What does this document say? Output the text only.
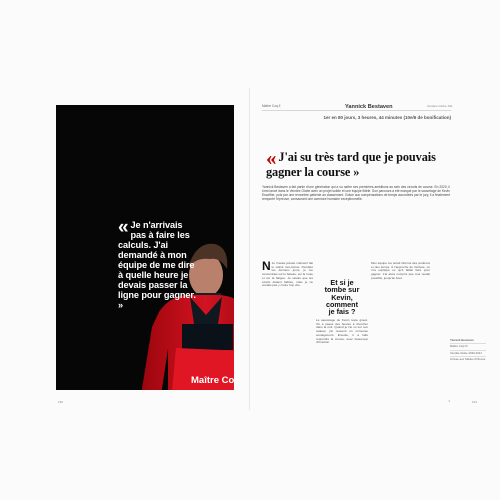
Maître CoQ
« Je n'arrivais pas à faire les calculs. J'ai demandé à mon équipe de me dire à quelle heure je devais passer la ligne pour gagner. »
190
Maître Coq II	Yannick Bestaven	Vendée Globe 191
1er en 80 jours, 3 heures, 44 minutes (10e/6 de bonification)
« J'ai su très tard que je pouvais gagner la course »
Yannick Bestaven a fait partie d'une génération qui a vu naître ses premières ambitions au sein des circuits de course. En 2020, il s'est lancé dans le Vendée Globe avec un projet solide et une équipe fidèle. Son parcours a été marqué par le sauvetage de Kevin Escoffier, puis par une remontée patiente au classement. Grâce aux compensations de temps accordées par le jury, il a finalement remporté l'épreuve, consacrant une aventure humaine exceptionnelle.
N Je n'avais jamais vraiment fait le calcul moi-même. Pendant les derniers jours, je me concentrais sur le bateau, sur la route et sur la fatigue. Je savais que les écarts étaient faibles, mais je ne voulais pas y croire trop vite.	Et si je tombe sur Kevin, comment je fais ?
Le sauvetage de Kevin reste gravé. On a passé des heures à chercher dans la nuit. Quand je l'ai vu sur son radeau, j'ai ressenti un immense soulagement. Ensuite, il a fallu reprendre la course, avec beaucoup d'émotion.
Mon équipe me tenait informé des positions et des temps. À l'approche de l'arrivée, on m'a expliqué ce qu'il fallait faire pour gagner. J'ai alors compris que tout restait possible, jusqu'au bout.
Yannick Bestaven
Maître CoQ IV
Vendée Globe 2020-2021
Arrivée aux Sables d'Olonne
❧	191
